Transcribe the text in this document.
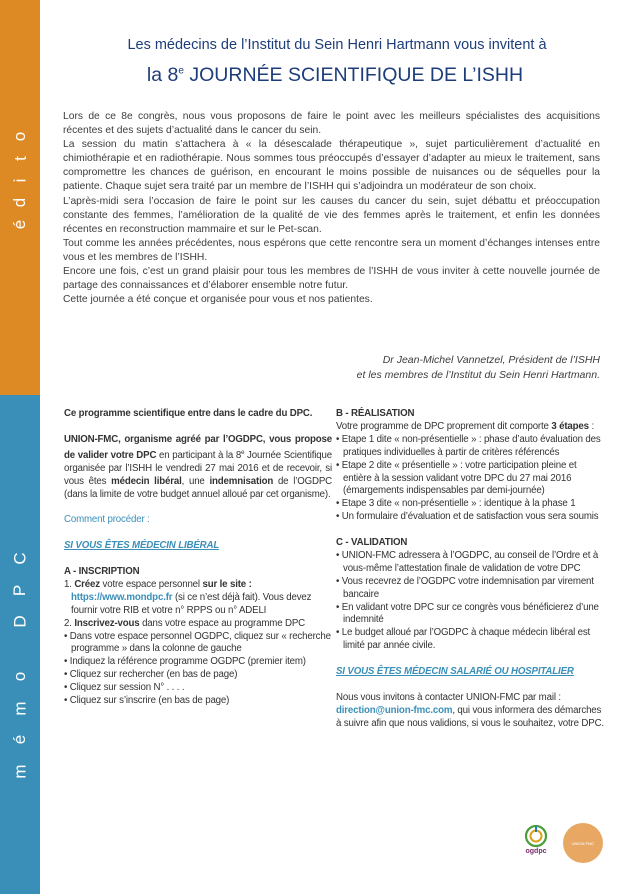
o
t
i
d
é
C
P
D
o
m
é
m
Les médecins de l’Institut du Sein Henri Hartmann vous invitent à
la 8e JOURNÉE SCIENTIFIQUE DE L’ISHH

Lors de ce 8e congrès, nous vous proposons de faire le point avec les meilleurs spécialistes des acquisitions récentes et des sujets d’actualité dans le cancer du sein.

La session du matin s’attachera à « la désescalade thérapeutique », sujet particulièrement d’actualité en chimiothérapie et en radiothérapie. Nous sommes tous préoccupés d’essayer d’adapter au mieux le traitement, sans compromettre les chances de guérison, en encourant le moins possible de nuisances ou de séquelles pour la patiente. Chaque sujet sera traité par un membre de l’ISHH qui s’adjoindra un modérateur de son choix.

L’après-midi sera l’occasion de faire le point sur les causes du cancer du sein, sujet débattu et préoccupation constante des femmes, l’amélioration de la qualité de vie des femmes après le traitement, et enfin les données récentes en reconstruction mammaire et sur le Pet-scan.

Tout comme les années précédentes, nous espérons que cette rencontre sera un moment d’échanges intenses entre vous et les membres de l’ISHH.

Encore une fois, c’est un grand plaisir pour tous les membres de l’ISHH de vous inviter à cette nouvelle journée de partage des connaissances et d’élaborer ensemble notre futur.

Cette journée a été conçue et organisée pour vous et nos patientes.

Dr Jean-Michel Vannetzel, Président de l’ISHH
et les membres de l’Institut du Sein Henri Hartmann.

Ce programme scientifique entre dans le cadre du DPC.

UNION-FMC, organisme agréé par l’OGDPC, vous propose de valider votre DPC en participant à la 8e Journée Scientifique organisée par l’ISHH le vendredi 27 mai 2016 et de recevoir, si vous êtes médecin libéral, une indemnisation de l’OGDPC (dans la limite de votre budget annuel alloué par cet organisme).

Comment procéder :

SI VOUS ÊTES MÉDECIN LIBÉRAL

A - INSCRIPTION

1. Créez votre espace personnel sur le site :

https://www.mondpc.fr (si ce n’est déjà fait). Vous devez fournir votre RIB et votre n° RPPS ou n° ADELI

2. Inscrivez-vous dans votre espace au programme DPC

• Dans votre espace personnel OGDPC, cliquez sur « recherche programme » dans la colonne de gauche

• Indiquez la référence programme OGDPC (premier item)

• Cliquez sur rechercher (en bas de page)

• Cliquez sur session N° . . . .

• Cliquez sur s’inscrire (en bas de page)

B - RÉALISATION

Votre programme de DPC proprement dit comporte 3 étapes :

• Etape 1 dite « non-présentielle » : phase d’auto évaluation des pratiques individuelles à partir de critères référencés

• Etape 2 dite « présentielle » : votre participation pleine et entière à la session validant votre DPC du 27 mai 2016 (émargements indispensables par demi-journée)

• Etape 3 dite « non-présentielle » : identique à la phase 1

• Un formulaire d’évaluation et de satisfaction vous sera soumis

C - VALIDATION

• UNION-FMC adressera à l’OGDPC, au conseil de l’Ordre et à vous-même l’attestation finale de validation de votre DPC

• Vous recevrez de l’OGDPC votre indemnisation par virement bancaire

• En validant votre DPC sur ce congrès vous bénéficierez d’une indemnité

• Le budget alloué par l’OGDPC à chaque médecin libéral est limité par année civile.

SI VOUS ÊTES MÉDECIN SALARIÉ OU HOSPITALIER

Nous vous invitons à contacter UNION-FMC par mail : direction@union-fmc.com, qui vous informera des démarches à suivre afin que nous validions, si vous le souhaitez, votre DPC.

ogdpc
UNION FMC
